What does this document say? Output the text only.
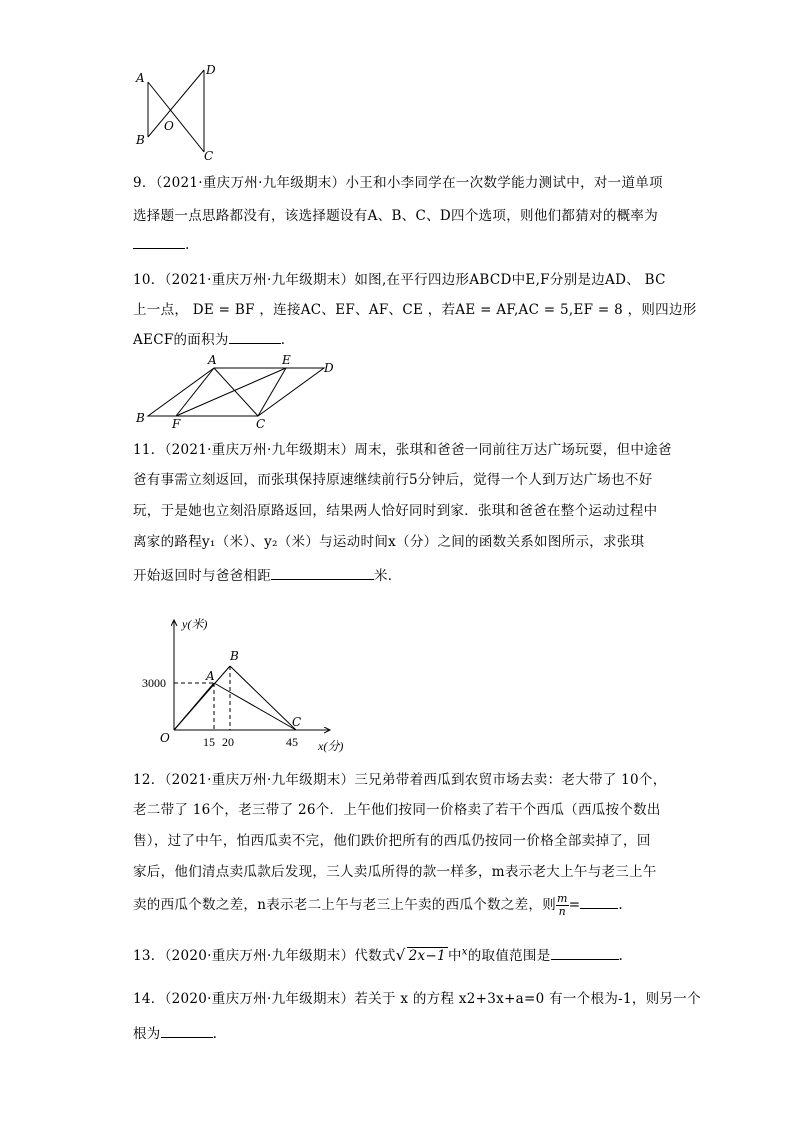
A
D
B
O
C
9．（2021·重庆万州·九年级期末）小王和小李同学在一次数学能力测试中，对一道单项
选择题一点思路都没有，该选择题设有A、B、C、D四个选项，则他们都猜对的概率为
.
10．（2021·重庆万州·九年级期末）如图,在平行四边形ABCD中E,F分别是边AD、 BC
上一点， DE = BF ，连接AC、EF、AF、CE ，若AE = AF,AC = 5,EF = 8 ，则四边形
AECF的面积为	.
A	E
D
B F	C
11．（2021·重庆万州·九年级期末）周末，张琪和爸爸一同前往万达广场玩耍，但中途爸
爸有事需立刻返回，而张琪保持原速继续前行5分钟后，觉得一个人到万达广场也不好
玩，于是她也立刻沿原路返回，结果两人恰好同时到家．张琪和爸爸在整个运动过程中
离家的路程y₁（米）、y₂（米）与运动时间x（分）之间的函数关系如图所示，求张琪
开始返回时与爸爸相距	米．
y(米)
x(分)
3000
15 20	45
O
A
B
C
12．（2021·重庆万州·九年级期末）三兄弟带着西瓜到农贸市场去卖：老大带了 10个，
老二带了 16个，老三带了 26个．上午他们按同一价格卖了若干个西瓜（西瓜按个数出
售），过了中午，怕西瓜卖不完，他们跌价把所有的西瓜仍按同一价格全部卖掉了，回
家后，他们清点卖瓜款后发现，三人卖瓜所得的款一样多，m表示老大上午与老三上午
卖的西瓜个数之差，n表示老二上午与老三上午卖的西瓜个数之差，则 $\frac{m}{n}$ =	.
13．（2020·重庆万州·九年级期末）代数式√ 2x−1 中$^x$的取值范围是	.
14．（2020·重庆万州·九年级期末）若关于 x 的方程 x2+3x+a=0 有一个根为-1，则另一个
根为	.
